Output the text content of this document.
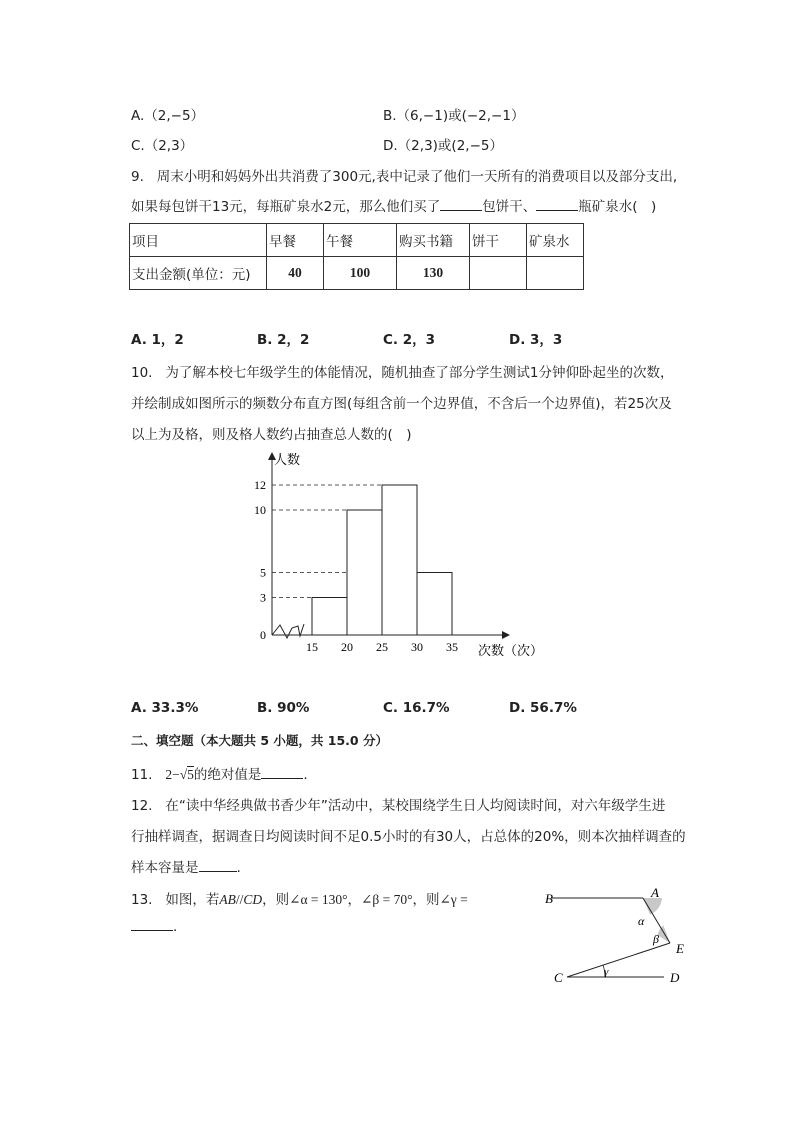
A.（2,−5）	B.（6,−1)或(−2,−1）
C.（2,3）	D.（2,3)或(2,−5）
9. 周末小明和妈妈外出共消费了300元,表中记录了他们一天所有的消费项目以及部分支出,
如果每包饼干13元，每瓶矿泉水2元，那么他们买了	包饼干、	瓶矿泉水(　)
项目	早餐	午餐	购买书籍	饼干	矿泉水
支出金额(单位：元)	40	100	130		
A. 1，2	B. 2，2	C. 2，3	D. 3，3
10. 为了解本校七年级学生的体能情况，随机抽查了部分学生测试1分钟仰卧起坐的次数，
并绘制成如图所示的频数分布直方图(每组含前一个边界值，不含后一个边界值)，若25次及
以上为及格，则及格人数约占抽查总人数的(　)
0
3
5
10
12
15 20 25 30 35
人数
次数（次）
A. 33.3%	B. 90%	C. 16.7%	D. 56.7%
二、填空题（本大题共 5 小题，共 15.0 分）
11. 2−√5的绝对值是	.
12. 在“读中华经典做书香少年”活动中，某校围绕学生日人均阅读时间，对六年级学生进
行抽样调查，据调查日均阅读时间不足0.5小时的有30人，占总体的20%，则本次抽样调查的
样本容量是	.
13. 如图，若AB//CD，则∠α = 130°，∠β = 70°，则∠γ =
.
B	A
α
β
E
γ
C	D
